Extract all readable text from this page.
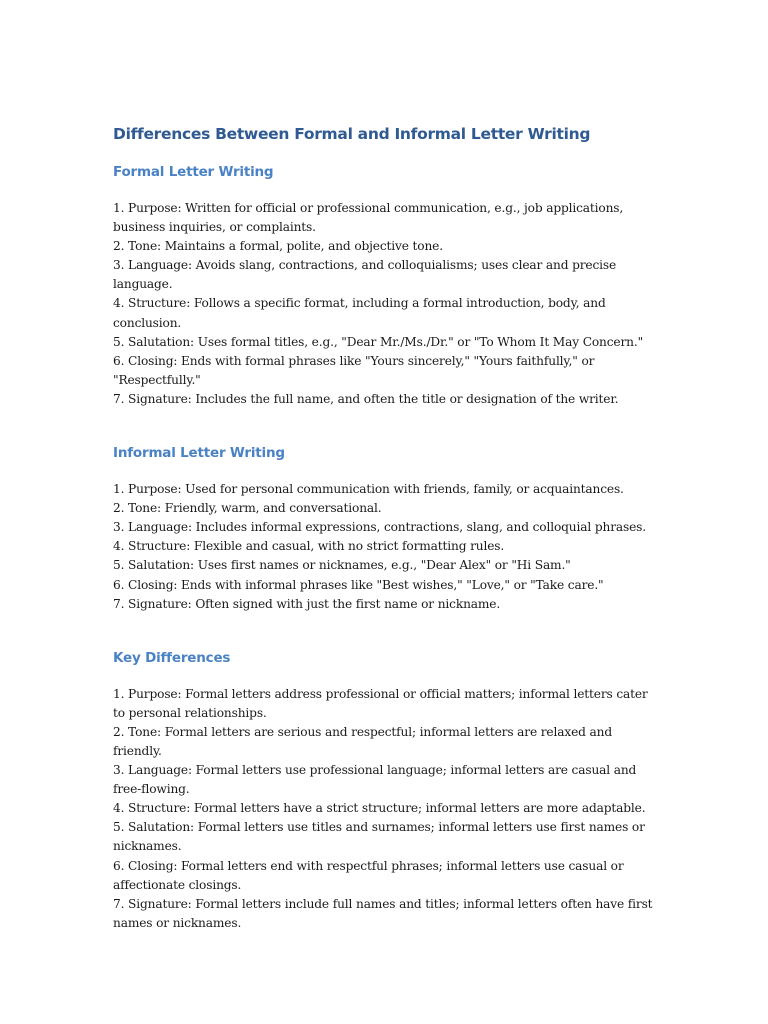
Differences Between Formal and Informal Letter Writing
Formal Letter Writing
1. Purpose: Written for official or professional communication, e.g., job applications, business inquiries, or complaints.
2. Tone: Maintains a formal, polite, and objective tone.
3. Language: Avoids slang, contractions, and colloquialisms; uses clear and precise language.
4. Structure: Follows a specific format, including a formal introduction, body, and conclusion.
5. Salutation: Uses formal titles, e.g., "Dear Mr./Ms./Dr." or "To Whom It May Concern."
6. Closing: Ends with formal phrases like "Yours sincerely," "Yours faithfully," or "Respectfully."
7. Signature: Includes the full name, and often the title or designation of the writer.
Informal Letter Writing
1. Purpose: Used for personal communication with friends, family, or acquaintances.
2. Tone: Friendly, warm, and conversational.
3. Language: Includes informal expressions, contractions, slang, and colloquial phrases.
4. Structure: Flexible and casual, with no strict formatting rules.
5. Salutation: Uses first names or nicknames, e.g., "Dear Alex" or "Hi Sam."
6. Closing: Ends with informal phrases like "Best wishes," "Love," or "Take care."
7. Signature: Often signed with just the first name or nickname.
Key Differences
1. Purpose: Formal letters address professional or official matters; informal letters cater to personal relationships.
2. Tone: Formal letters are serious and respectful; informal letters are relaxed and friendly.
3. Language: Formal letters use professional language; informal letters are casual and free-flowing.
4. Structure: Formal letters have a strict structure; informal letters are more adaptable.
5. Salutation: Formal letters use titles and surnames; informal letters use first names or nicknames.
6. Closing: Formal letters end with respectful phrases; informal letters use casual or affectionate closings.
7. Signature: Formal letters include full names and titles; informal letters often have first names or nicknames.
